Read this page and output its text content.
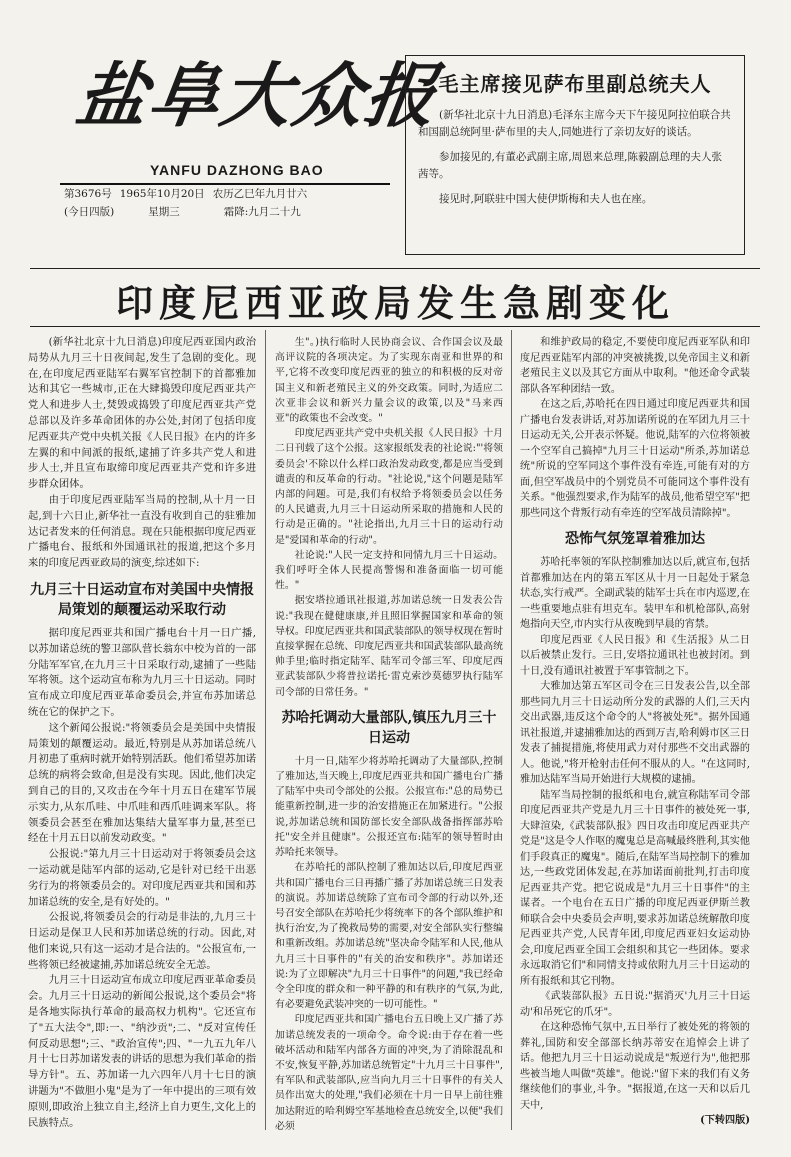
盐阜大众报
YANFU DAZHONG BAO
第3676号 1965年10月20日 农历乙巳年九月廿六
(今日四版)	星期三	霜降:九月二十九
毛主席接见萨布里副总统夫人

(新华社北京十九日消息)毛泽东主席今天下午接见阿拉伯联合共和国副总统阿里·萨布里的夫人,同她进行了亲切友好的谈话。

参加接见的,有董必武副主席,周恩来总理,陈毅副总理的夫人张茜等。

接见时,阿联驻中国大使伊斯梅和夫人也在座。

印度尼西亚政局发生急剧变化

(新华社北京十九日消息)印度尼西亚国内政治局势从九月三十日夜间起,发生了急剧的变化。现在,在印度尼西亚陆军右翼军官控制下的首都雅加达和其它一些城市,正在大肆捣毁印度尼西亚共产党人和进步人士,焚毁或捣毁了印度尼西亚共产党总部以及许多革命团体的办公处,封闭了包括印度尼西亚共产党中央机关报《人民日报》在内的许多左翼的和中间派的报纸,逮捕了许多共产党人和进步人士,并且宣布取缔印度尼西亚共产党和许多进步群众团体。

由于印度尼西亚陆军当局的控制,从十月一日起,到十六日止,新华社一直没有收到自己的驻雅加达记者发来的任何消息。现在只能根据印度尼西亚广播电台、报纸和外国通讯社的报道,把这个多月来的印度尼西亚政局的演变,综述如下:

九月三十日运动宣布对美国中央情报局策划的颠覆运动采取行动

据印度尼西亚共和国广播电台十月一日广播,以苏加诺总统的警卫部队营长翁东中校为首的一部分陆军军官,在九月三十日采取行动,逮捕了一些陆军将领。这个运动宣布称为九月三十日运动。同时宣布成立印度尼西亚革命委员会,并宣布苏加诺总统在它的保护之下。

这个新闻公报说:"将领委员会是美国中央情报局策划的颠覆运动。最近,特别是从苏加诺总统八月初患了重病时就开始特别活跃。他们希望苏加诺总统的病将会致命,但是没有实现。因此,他们决定到自己的目的,又攻击在今年十月五日在建军节展示实力,从东爪哇、中爪哇和西爪哇调来军队。将领委员会甚至在雅加达集结大量军事力量,甚至已经在十月五日以前发动政变。"

公报说:"第九月三十日运动对于将领委员会这一运动就是陆军内部的运动,它是针对已经干出恶劣行为的将领委员会的。对印度尼西亚共和国和苏加诺总统的安全,是有好处的。"

公报说,将领委员会的行动是非法的,九月三十日运动是保卫人民和苏加诺总统的行动。因此,对他们来说,只有这一运动才是合法的。"公报宣布,一些将领已经被逮捕,苏加诺总统安全无恙。

九月三十日运动宣布成立印度尼西亚革命委员会。九月三十日运动的新闻公报说,这个委员会"将是各地实际执行革命的最高权力机构"。它还宣布了"五大法令",即:一、"纳沙贡";二、"反对宣传任何反动思想";三、"政治宣传";四、"一九五九年八月十七日苏加诺发表的讲话的思想为我们革命的指导方针"。五、苏加诺一九六四年八月十七日的演讲题为"不做胆小鬼"是为了一年中提出的三项有效原则,即政治上独立自主,经济上自力更生,文化上的民族特点。

生"。)执行临时人民协商会议、合作国会议及最高评议院的各项决定。为了实现东南亚和世界的和平,它将不改变印度尼西亚的独立的和积极的反对帝国主义和新老殖民主义的外交政策。同时,为适应二次亚非会议和新兴力量会议的政策,以及"马来西亚"的政策也不会改变。"

印度尼西亚共产党中央机关报《人民日报》十月二日刊载了这个公报。这家报纸发表的社论说:"'将领委员会'不除以什么样口政治发动政变,都是应当受到谴责的和反革命的行动。"社论说,"这个问题是陆军内部的问题。可是,我们有权给予将领委员会以任务的人民谴责,九月三十日运动所采取的措施和人民的行动是正确的。"社论指出,九月三十日的运动行动是"爱国和革命的行动"。

社论说:"人民一定支持和同情九月三十日运动。我们呼吁全体人民提高警惕和准备面临一切可能性。"

据安塔拉通讯社报道,苏加诺总统一日发表公告说:"我现在健健康康,并且照旧掌握国家和革命的领导权。印度尼西亚共和国武装部队的领导权现在暂时直接掌握在总统、印度尼西亚共和国武装部队最高统帅手里;临时指定陆军、陆军司令部三军、印度尼西亚武装部队少将普拉诺托·雷克索沙莫德罗执行陆军司令部的日常任务。"

苏哈托调动大量部队,镇压九月三十日运动

十月一日,陆军少将苏哈托调动了大量部队,控制了雅加达,当天晚上,印度尼西亚共和国广播电台广播了陆军中央司令部处的公报。公报宣布:"总的局势已能重新控制,进一步的治安措施正在加紧进行。"公报说,苏加诺总统和国防部长安全部队战备指挥部苏哈托"安全并且健康"。公报还宣布:陆军的领导暂时由苏哈托来领导。

在苏哈托的部队控制了雅加达以后,印度尼西亚共和国广播电台三日再播广播了苏加诺总统三日发表的演说。苏加诺总统除了宣布司令部的行动以外,还号召安全部队在苏哈托少将统率下的各个部队维护和执行治安,为了挽救局势的需要,对安全部队实行整编和重新改组。苏加诺总统"坚决命令陆军和人民,他从九月三十日事件的"有关的治安和秩序"。苏加诺还说:为了立即解决"九月三十日事件"的问题,"我已经命令全印度的群众和一种平静的和有秩序的气氛,为此,有必要避免武装冲突的一切可能性。"

印度尼西亚共和国广播电台五日晚上又广播了苏加诺总统发表的一项命令。命令说:由于存在着一些破坏活动和陆军内部各方面的冲突,为了消除混乱和不安,恢复平静,苏加诺总统暂定"十九月三十日事件",有军队和武装部队,应当向九月三十日事件的有关人员作出宽大的处理,"我们必须在十月一日早上前往雅加达附近的哈利姆空军基地检查总统安全,以便"我们必须

和维护政局的稳定,不要使印度尼西亚军队和印度尼西亚陆军内部的冲突被挑拨,以免帝国主义和新老殖民主义以及其它方面从中取利。"他还命令武装部队各军种团结一致。

在这之后,苏哈托在四日通过印度尼西亚共和国广播电台发表讲话,对苏加诺所说的在军团九月三十日运动无关,公开表示怀疑。他说,陆军的六位将领被一个空军自己搞掉"九月三十日运动"所杀,苏加诺总统"所说的空军同这个事件没有牵连,可能有对的方面,但空军战员中的个别党员不可能同这个事件没有关系。"他强烈要求,作为陆军的战员,他希望空军"把那些同这个背叛行动有牵连的空军战员清除掉"。

恐怖气氛笼罩着雅加达

苏哈托率领的军队控制雅加达以后,就宣布,包括首都雅加达在内的第五军区从十月一日起处于紧急状态,实行戒严。全副武装的陆军士兵在市内巡逻,在一些重要地点驻有坦克车。装甲车和机枪部队,高射炮指向天空,市内实行从夜晚到早晨的宵禁。

印度尼西亚《人民日报》和《生活报》从二日以后被禁止发行。三日,安塔拉通讯社也被封闭。到十日,没有通讯社被置于军事管制之下。

大雅加达第五军区司令在三日发表公告,以全部那些同九月三十日运动所分发的武器的人们,三天内交出武器,违反这个命令的人"将被处死"。据外国通讯社报道,并逮捕雅加达的西到万吉,哈利姆市区三日发表了捕捉措施,将使用武力对付那些不交出武器的人。他说,"将开枪射击任何不服从的人。"在这同时,雅加达陆军当局开始进行大规模的逮捕。

陆军当局控制的报纸和电台,就宣称陆军司令部印度尼西亚共产党是九月三十日事件的被处死一事,大肆渲染,《武装部队报》四日攻击印度尼西亚共产党是"这是令人作呕的魔鬼总是高喊最终胜利,其实他们手段真正的魔鬼"。随后,在陆军当局控制下的雅加达,一些政党团体发起,在苏加诺面前批判,打击印度尼西亚共产党。把它说成是"九月三十日事件"的主谋者。一个电台在五日广播的印度尼西亚伊斯兰教师联合会中央委员会声明,要求苏加诺总统解散印度尼西亚共产党,人民青年团,印度尼西亚妇女运动协会,印度尼西亚全国工会组织和其它一些团体。要求永远取消它们"和同情支持或依附九月三十日运动的所有报纸和其它刊物。

《武装部队报》五日说:"据消灭'九月三十日运动'和吊死它的爪牙"。

在这种恐怖气氛中,五日举行了被处死的将领的葬礼,国防和安全部部长纳苏蒂安在追悼会上讲了话。他把九月三十日运动说成是"叛逆行为",他把那些被当地人叫做"英雄"。他说:"留下来的我们有义务继续他们的事业,斗争。"据报道,在这一天和以后几天中,

(下转四版)
